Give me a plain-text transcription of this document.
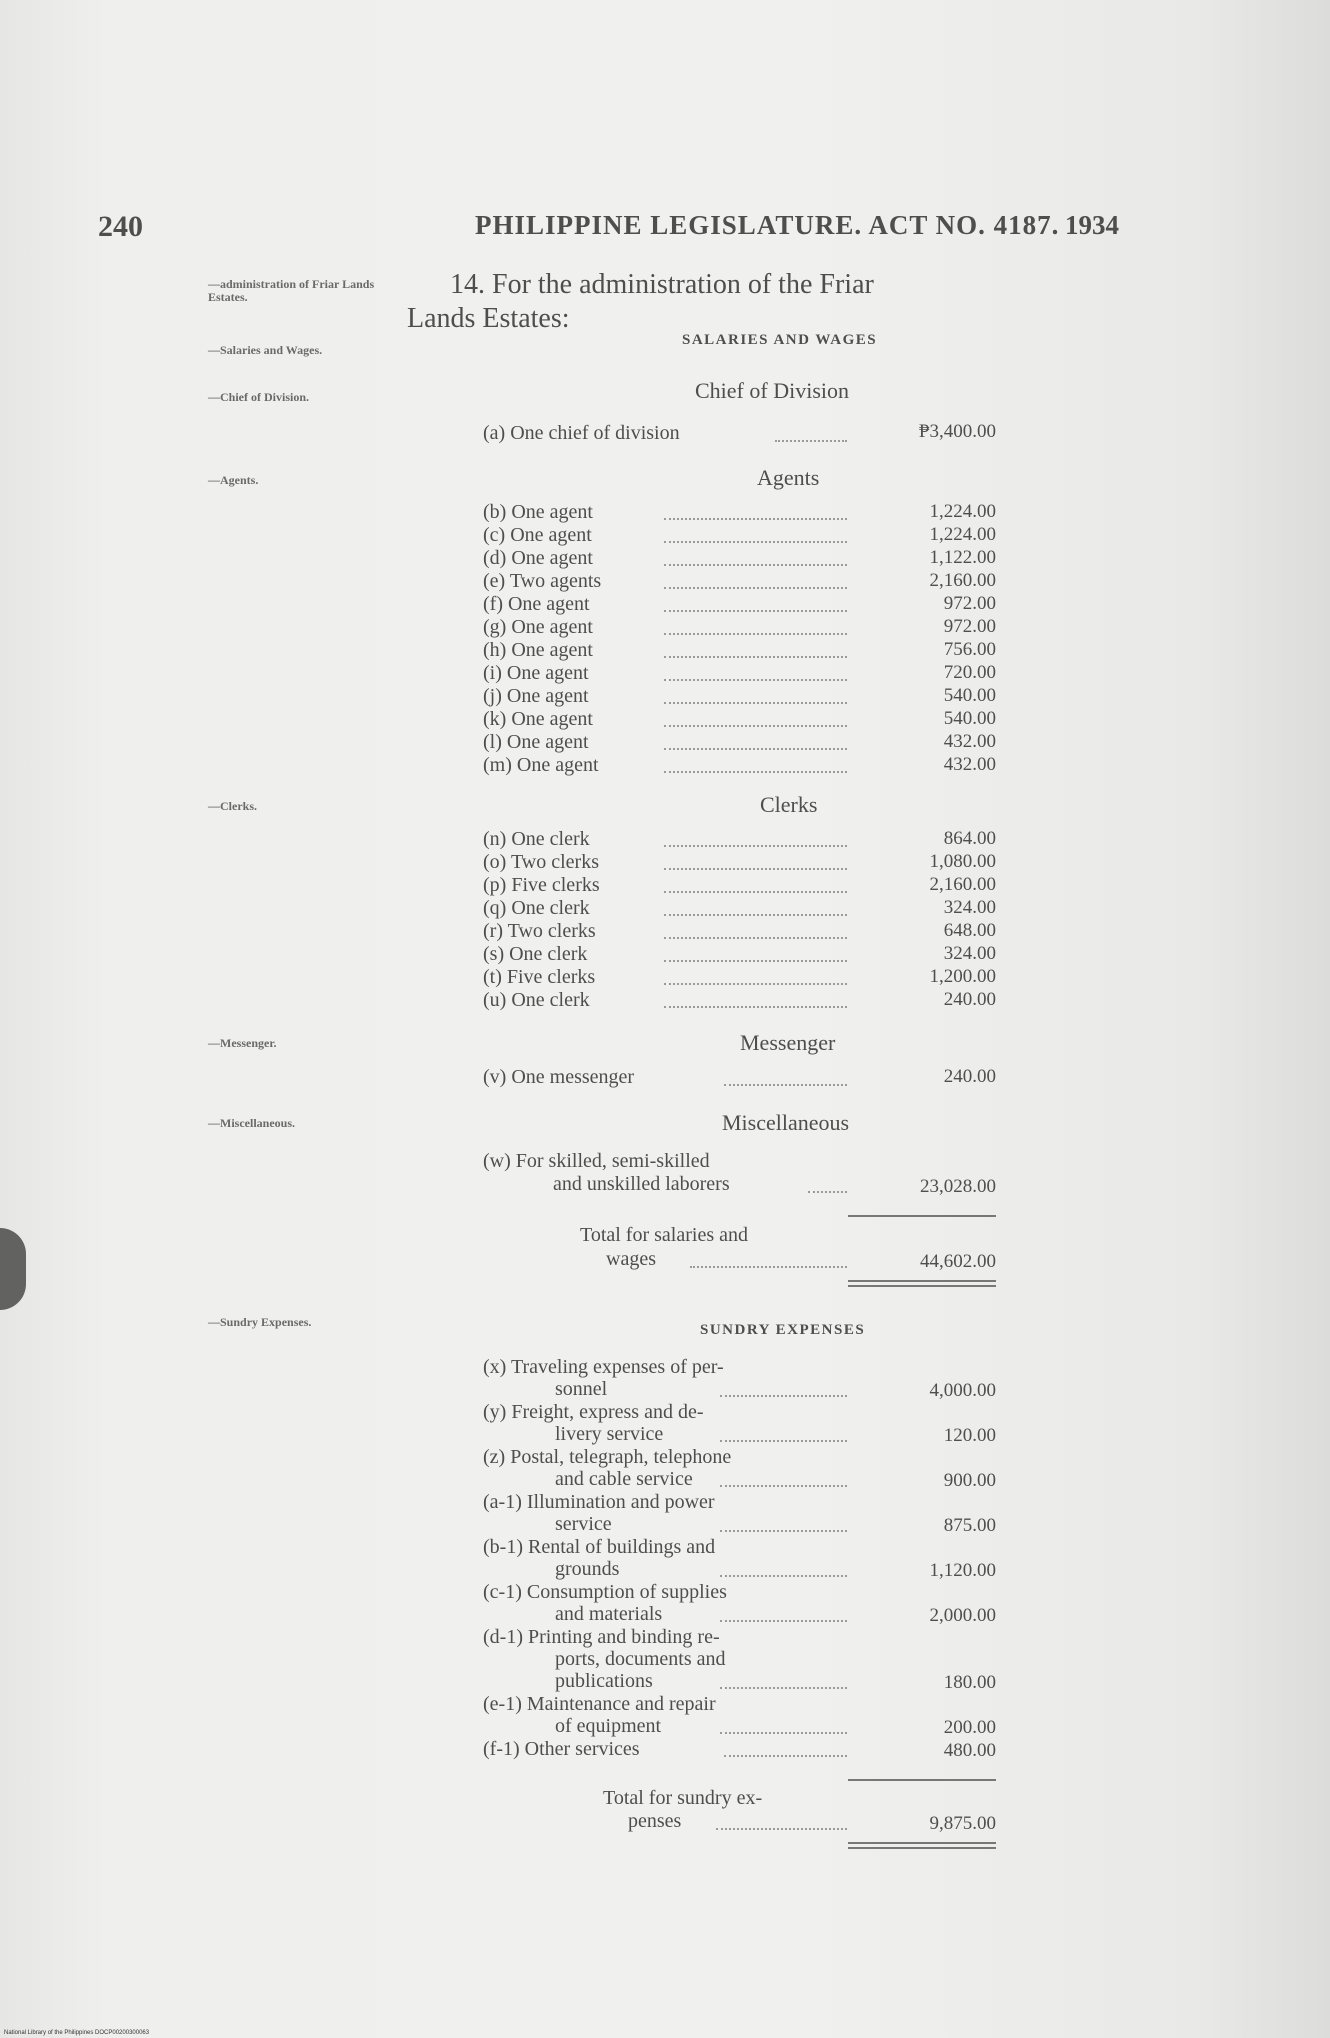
240	PHILIPPINE LEGISLATURE. ACT NO. 4187. 1934
—administration of Friar Lands Estates.
—Salaries and Wages.
—Chief of Division.
—Agents.
—Clerks.
—Messenger.
—Miscellaneous.
—Sundry Expenses.
14. For the administration of the Friar
Lands Estates:
SALARIES AND WAGES
Chief of Division
(a) One chief of division	₱3,400.00
Agents
(b) One agent	1,224.00
(c) One agent	1,224.00
(d) One agent	1,122.00
(e) Two agents	2,160.00
(f) One agent	972.00
(g) One agent	972.00
(h) One agent	756.00
(i) One agent	720.00
(j) One agent	540.00
(k) One agent	540.00
(l) One agent	432.00
(m) One agent	432.00
Clerks
(n) One clerk	864.00
(o) Two clerks	1,080.00
(p) Five clerks	2,160.00
(q) One clerk	324.00
(r) Two clerks	648.00
(s) One clerk	324.00
(t) Five clerks	1,200.00
(u) One clerk	240.00
Messenger
(v) One messenger	240.00
Miscellaneous
(w) For skilled, semi-skilled
and unskilled laborers	23,028.00
Total for salaries and
wages	44,602.00
SUNDRY EXPENSES
(x) Traveling expenses of per-
sonnel	4,000.00
(y) Freight, express and de-
livery service	120.00
(z) Postal, telegraph, telephone
and cable service	900.00
(a-1) Illumination and power
service	875.00
(b-1) Rental of buildings and
grounds	1,120.00
(c-1) Consumption of supplies
and materials	2,000.00
(d-1) Printing and binding re-
ports, documents and
publications	180.00
(e-1) Maintenance and repair
of equipment	200.00
(f-1) Other services	480.00
Total for sundry ex-
penses	9,875.00
National Library of the Philippines DOCP00200300063
